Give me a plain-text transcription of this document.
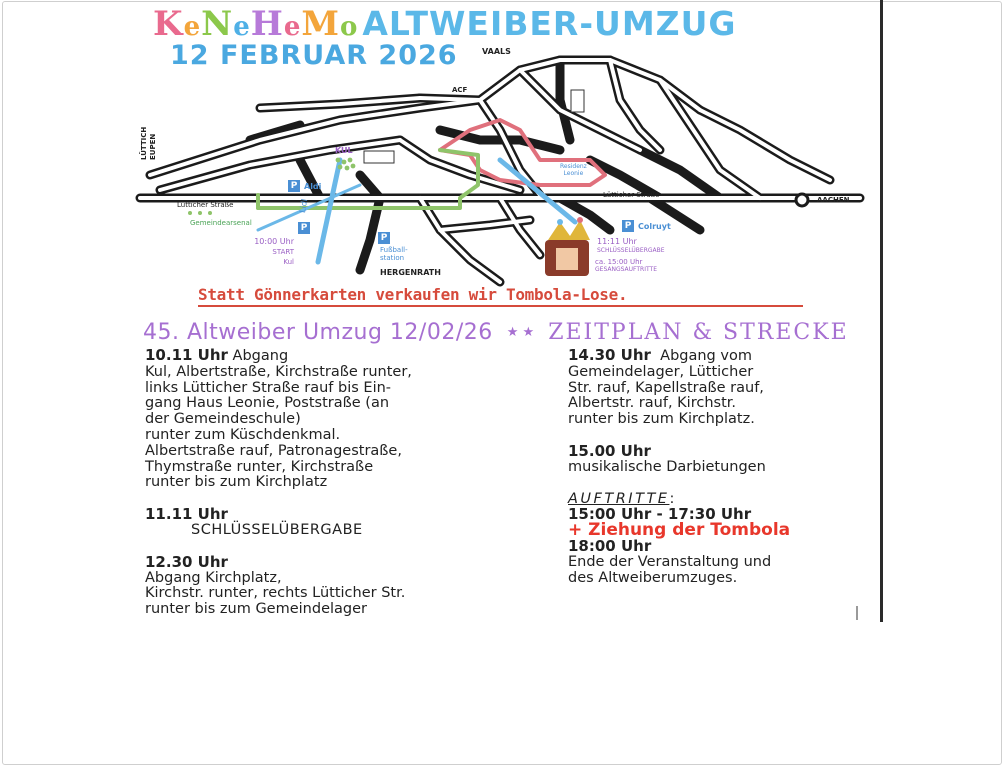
KeNeHeMo ALTWEIBER-UMZUG
12 FEBRUAR 2026	VAALS
ACF
LÜTTICH
EUPEN	KUL
P Aldi
Lütticher Straße
Lütticher Straße
Gemeindearsenal
Lidl
P
Residenz
Leonie
AACHEN
P Colruyt
P
Fußball-
station
HERGENRATH
10:00 Uhr
START
Kul
11:11 Uhr
SCHLÜSSELÜBERGABE
ca. 15:00 Uhr
GESANGSAUFTRITTE
Statt Gönnerkarten verkaufen wir Tombola-Lose.
45. Altweiber Umzug 12/02/26 ★ ★ ZEITPLAN & STRECKE
10.11 Uhr Abgang
Kul, Albertstraße, Kirchstraße runter,
links Lütticher Straße rauf bis Ein-
gang Haus Leonie, Poststraße (an
der Gemeindeschule)
runter zum Küschdenkmal.
Albertstraße rauf, Patronagestraße,
Thymstraße runter, Kirchstraße
runter bis zum Kirchplatz
11.11 Uhr
SCHLÜSSELÜBERGABE
12.30 Uhr
Abgang Kirchplatz,
Kirchstr. runter, rechts Lütticher Str.
runter bis zum Gemeindelager
14.30 Uhr Abgang vom
Gemeindelager, Lütticher
Str. rauf, Kapellstraße rauf,
Albertstr. rauf, Kirchstr.
runter bis zum Kirchplatz.
15.00 Uhr
musikalische Darbietungen
AUFTRITTE:
15:00 Uhr - 17:30 Uhr
+ Ziehung der Tombola
18:00 Uhr
Ende der Veranstaltung und
des Altweiberumzuges.
